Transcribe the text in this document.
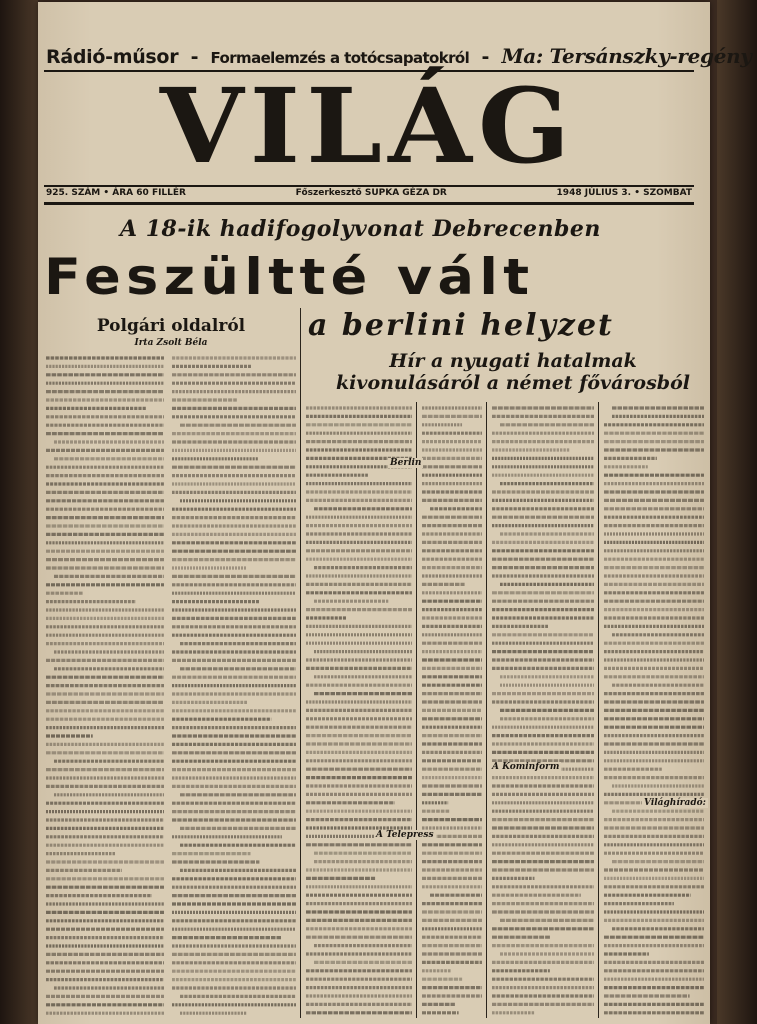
Rádió-műsor - Formaelemzés a totócsapatokról - Ma: Tersánszky-regény
VILÁG
925. SZÁM • ÁRA 60 FILLÉR	Főszerkesztő SUPKA GÉZA DR	1948 JÚLIUS 3. • SZOMBAT
A 18-ik hadifogolyvonat Debrecenben
Feszültté vált
a berlini helyzet
Hír a nyugati hatalmak kivonulásáról a német fővárosból
Polgári oldalról
Irta Zsolt Béla
Berlin
A Kominform
A Telepress
Világhíradó:
